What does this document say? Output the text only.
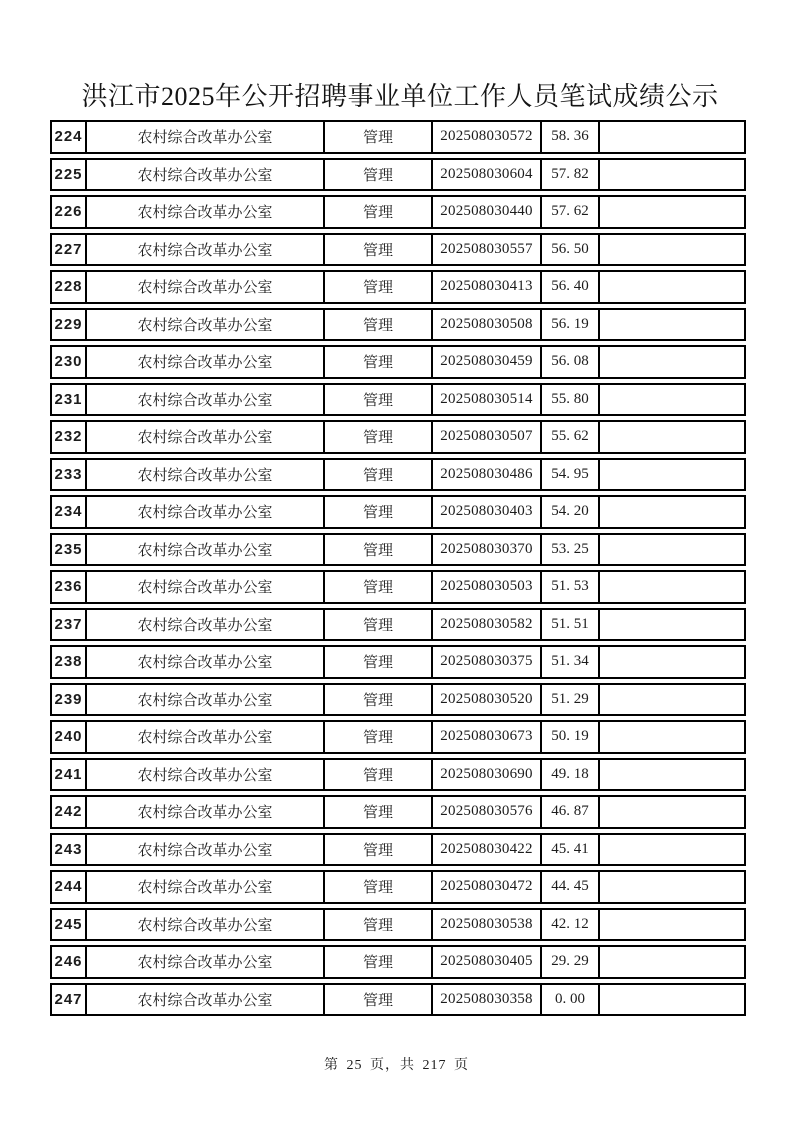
洪江市2025年公开招聘事业单位工作人员笔试成绩公示
224	农村综合改革办公室	管理	202508030572	58. 36	
225	农村综合改革办公室	管理	202508030604	57. 82	
226	农村综合改革办公室	管理	202508030440	57. 62	
227	农村综合改革办公室	管理	202508030557	56. 50	
228	农村综合改革办公室	管理	202508030413	56. 40	
229	农村综合改革办公室	管理	202508030508	56. 19	
230	农村综合改革办公室	管理	202508030459	56. 08	
231	农村综合改革办公室	管理	202508030514	55. 80	
232	农村综合改革办公室	管理	202508030507	55. 62	
233	农村综合改革办公室	管理	202508030486	54. 95	
234	农村综合改革办公室	管理	202508030403	54. 20	
235	农村综合改革办公室	管理	202508030370	53. 25	
236	农村综合改革办公室	管理	202508030503	51. 53	
237	农村综合改革办公室	管理	202508030582	51. 51	
238	农村综合改革办公室	管理	202508030375	51. 34	
239	农村综合改革办公室	管理	202508030520	51. 29	
240	农村综合改革办公室	管理	202508030673	50. 19	
241	农村综合改革办公室	管理	202508030690	49. 18	
242	农村综合改革办公室	管理	202508030576	46. 87	
243	农村综合改革办公室	管理	202508030422	45. 41	
244	农村综合改革办公室	管理	202508030472	44. 45	
245	农村综合改革办公室	管理	202508030538	42. 12	
246	农村综合改革办公室	管理	202508030405	29. 29	
247	农村综合改革办公室	管理	202508030358	0. 00	
第 25 页，共 217 页
